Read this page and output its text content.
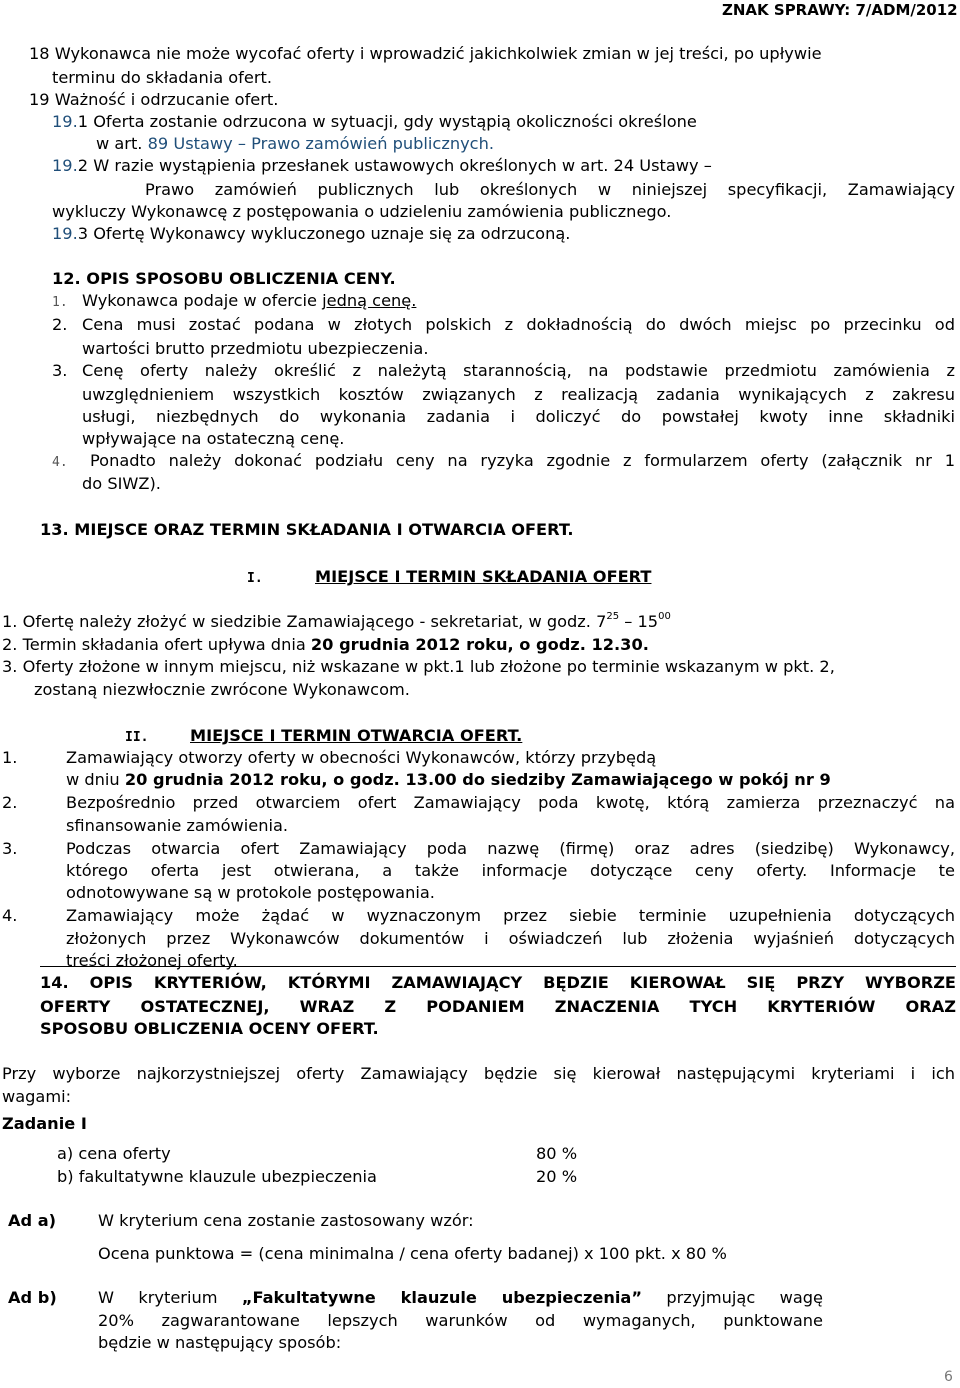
ZNAK SPRAWY: 7/ADM/2012
18 Wykonawca nie może wycofać oferty i wprowadzić jakichkolwiek zmian w jej treści, po upływie
terminu do składania ofert.
19 Ważność i odrzucanie ofert.
19.1 Oferta zostanie odrzucona w sytuacji, gdy wystąpią okoliczności określone
w art. 89 Ustawy – Prawo zamówień publicznych.
19.2 W razie wystąpienia przesłanek ustawowych określonych w art. 24 Ustawy –
Prawo zamówień publicznych lub określonych w niniejszej specyfikacji, Zamawiający
wykluczy Wykonawcę z postępowania o udzieleniu zamówienia publicznego.
19.3 Ofertę Wykonawcy wykluczonego uznaje się za odrzuconą.
12. OPIS SPOSOBU OBLICZENIA CENY.
1. Wykonawca podaje w ofercie jedną cenę.
2. Cena musi zostać podana w złotych polskich z dokładnością do dwóch miejsc po przecinku od
wartości brutto przedmiotu ubezpieczenia.
3. Cenę oferty należy określić z należytą starannością, na podstawie przedmiotu zamówienia z
uwzględnieniem wszystkich kosztów związanych z realizacją zadania wynikających z zakresu
usługi, niezbędnych do wykonania zadania i doliczyć do powstałej kwoty inne składniki
wpływające na ostateczną cenę.
4. Ponadto należy dokonać podziału ceny na ryzyka zgodnie z formularzem oferty (załącznik nr 1
do SIWZ).
13. MIEJSCE ORAZ TERMIN SKŁADANIA I OTWARCIA OFERT.
I.	MIEJSCE I TERMIN SKŁADANIA OFERT
1. Ofertę należy złożyć w siedzibie Zamawiającego - sekretariat, w godz. $7^{25} - 15^{00}$
2. Termin składania ofert upływa dnia 20 grudnia 2012 roku, o godz. 12.30.
3. Oferty złożone w innym miejscu, niż wskazane w pkt.1 lub złożone po terminie wskazanym w pkt. 2,
zostaną niezwłocznie zwrócone Wykonawcom.
II.	MIEJSCE I TERMIN OTWARCIA OFERT.
1.	Zamawiający otworzy oferty w obecności Wykonawców, którzy przybędą
w dniu 20 grudnia 2012 roku, o godz. 13.00 do siedziby Zamawiającego w pokój nr 9
2.	Bezpośrednio przed otwarciem ofert Zamawiający poda kwotę, którą zamierza przeznaczyć na
sfinansowanie zamówienia.
3.	Podczas otwarcia ofert Zamawiający poda nazwę (firmę) oraz adres (siedzibę) Wykonawcy,
którego oferta jest otwierana, a także informacje dotyczące ceny oferty. Informacje te
odnotowywane są w protokole postępowania.
4.	Zamawiający może żądać w wyznaczonym przez siebie terminie uzupełnienia dotyczących
złożonych przez Wykonawców dokumentów i oświadczeń lub złożenia wyjaśnień dotyczących
treści złożonej oferty.
14. OPIS KRYTERIÓW, KTÓRYMI ZAMAWIAJĄCY BĘDZIE KIEROWAŁ SIĘ PRZY WYBORZE
OFERTY OSTATECZNEJ, WRAZ Z PODANIEM ZNACZENIA TYCH KRYTERIÓW ORAZ
SPOSOBU OBLICZENIA OCENY OFERT.
Przy wyborze najkorzystniejszej oferty Zamawiający będzie się kierował następującymi kryteriami i ich
wagami:
Zadanie I
a) cena oferty	80 %
b) fakultatywne klauzule ubezpieczenia	20 %
Ad a)	W kryterium cena zostanie zastosowany wzór:
Ocena punktowa = (cena minimalna / cena oferty badanej) x 100 pkt. x 80 %
Ad b)	W kryterium „Fakultatywne klauzule ubezpieczenia” przyjmując wagę
20% zagwarantowane lepszych warunków od wymaganych, punktowane
będzie w następujący sposób:
6
